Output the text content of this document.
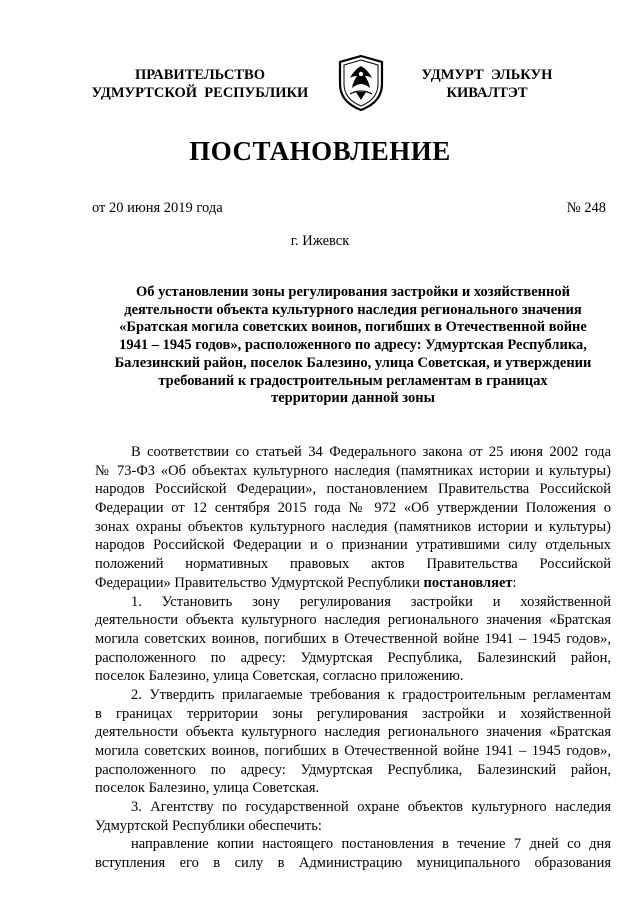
ПРАВИТЕЛЬСТВО
УДМУРТСКОЙ  РЕСПУБЛИКИ
УДМУРТ  ЭЛЬКУН
КИВАЛТЭТ
ПОСТАНОВЛЕНИЕ
от 20 июня 2019 года	№ 248
г. Ижевск
Об установлении зоны регулирования застройки и хозяйственной
деятельности объекта культурного наследия регионального значения
«Братская могила советских воинов, погибших в Отечественной войне
1941 – 1945 годов», расположенного по адресу: Удмуртская Республика,
Балезинский район, поселок Балезино, улица Советская, и утверждении
требований к градостроительным регламентам в границах
территории данной зоны
В соответствии со статьей 34 Федерального закона от 25 июня 2002 года
№ 73-ФЗ «Об объектах культурного наследия (памятниках истории и культуры)
народов Российской Федерации», постановлением Правительства Российской
Федерации от 12 сентября 2015 года № 972 «Об утверждении Положения о
зонах охраны объектов культурного наследия (памятников истории и культуры)
народов Российской Федерации и о признании утратившими силу отдельных
положений нормативных правовых актов Правительства Российской
Федерации» Правительство Удмуртской Республики постановляет:
1. Установить зону регулирования застройки и хозяйственной
деятельности объекта культурного наследия регионального значения «Братская
могила советских воинов, погибших в Отечественной войне 1941 – 1945 годов»,
расположенного по адресу: Удмуртская Республика, Балезинский район,
поселок Балезино, улица Советская, согласно приложению.
2. Утвердить прилагаемые требования к градостроительным регламентам
в границах территории зоны регулирования застройки и хозяйственной
деятельности объекта культурного наследия регионального значения «Братская
могила советских воинов, погибших в Отечественной войне 1941 – 1945 годов»,
расположенного по адресу: Удмуртская Республика, Балезинский район,
поселок Балезино, улица Советская.
3. Агентству по государственной охране объектов культурного наследия
Удмуртской Республики обеспечить:
направление копии настоящего постановления в течение 7 дней со дня
вступления его в силу в Администрацию муниципального образования
